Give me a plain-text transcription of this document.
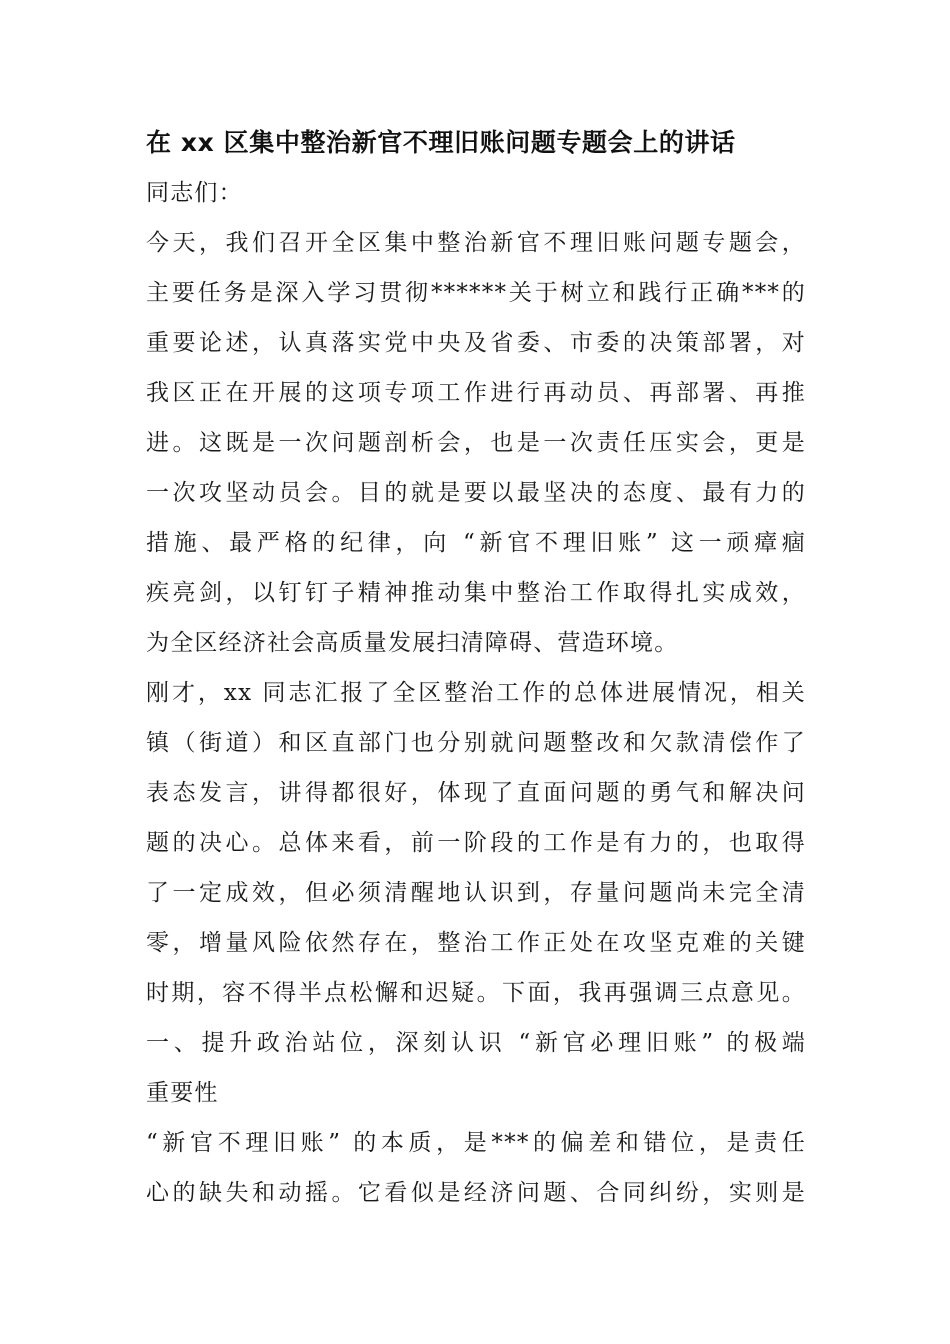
在 xx 区集中整治新官不理旧账问题专题会上的讲话

同志们：

今天，我们召开全区集中整治新官不理旧账问题专题会，
主要任务是深入学习贯彻******关于树立和践行正确***的
重要论述，认真落实党中央及省委、市委的决策部署，对
我区正在开展的这项专项工作进行再动员、再部署、再推
进。这既是一次问题剖析会，也是一次责任压实会，更是
一次攻坚动员会。目的就是要以最坚决的态度、最有力的
措施、最严格的纪律，向 “新官不理旧账” 这一顽瘴痼
疾亮剑，以钉钉子精神推动集中整治工作取得扎实成效，
为全区经济社会高质量发展扫清障碍、营造环境。
刚才，xx 同志汇报了全区整治工作的总体进展情况，相关
镇（街道）和区直部门也分别就问题整改和欠款清偿作了
表态发言，讲得都很好，体现了直面问题的勇气和解决问
题的决心。总体来看，前一阶段的工作是有力的，也取得
了一定成效，但必须清醒地认识到，存量问题尚未完全清
零，增量风险依然存在，整治工作正处在攻坚克难的关键
时期，容不得半点松懈和迟疑。下面，我再强调三点意见。
一、提升政治站位，深刻认识 “新官必理旧账” 的极端
重要性
“新官不理旧账” 的本质，是***的偏差和错位，是责任
心的缺失和动摇。它看似是经济问题、合同纠纷，实则是
